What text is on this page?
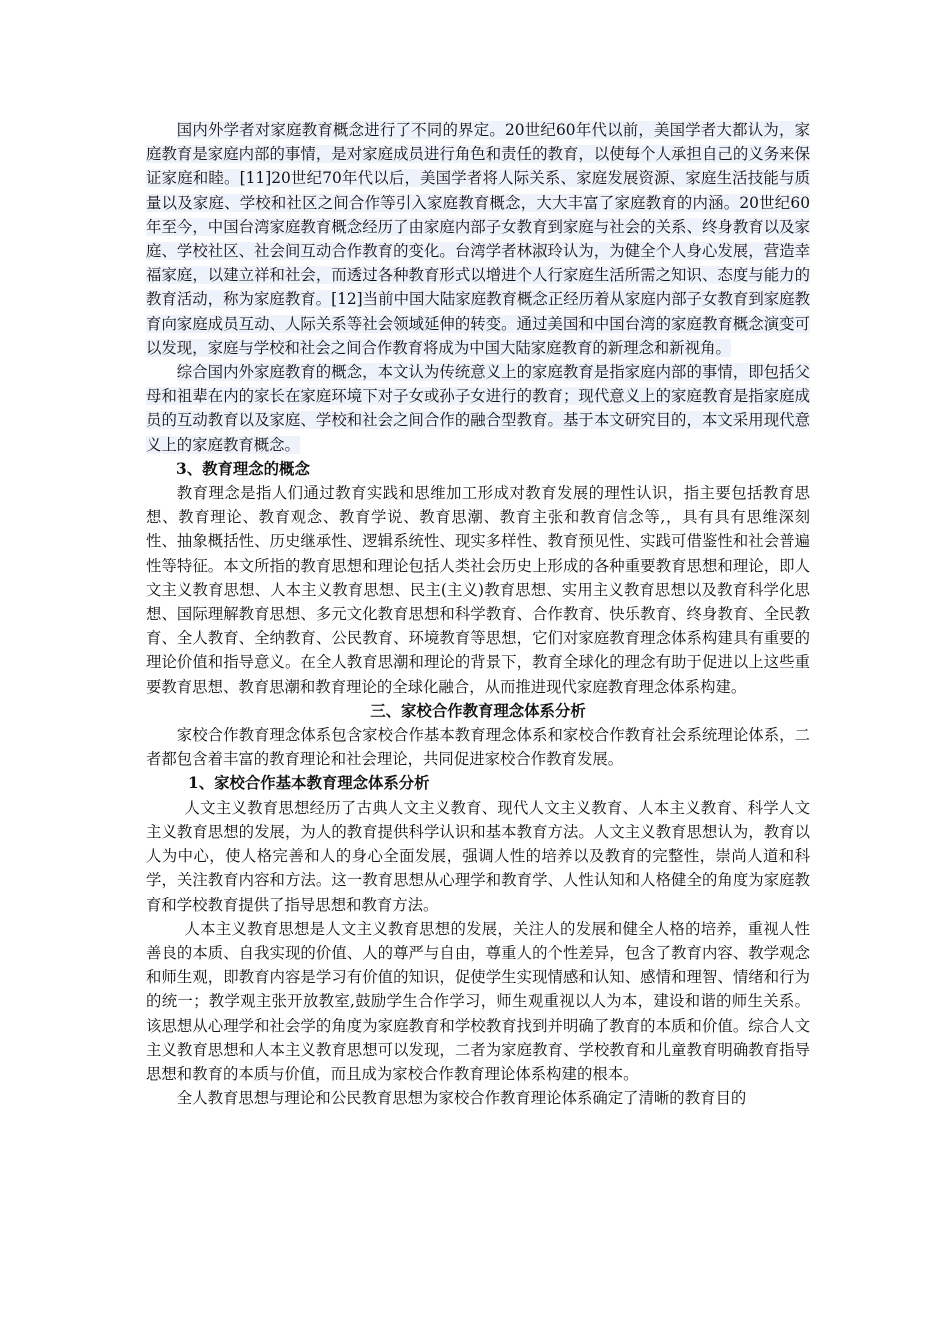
国内外学者对家庭教育概念进行了不同的界定。20世纪60年代以前，美国学者大都认为，家庭教育是家庭内部的事情，是对家庭成员进行角色和责任的教育，以使每个人承担自己的义务来保证家庭和睦。[11]20世纪70年代以后，美国学者将人际关系、家庭发展资源、家庭生活技能与质量以及家庭、学校和社区之间合作等引入家庭教育概念，大大丰富了家庭教育的内涵。20世纪60年至今，中国台湾家庭教育概念经历了由家庭内部子女教育到家庭与社会的关系、终身教育以及家庭、学校社区、社会间互动合作教育的变化。台湾学者林淑玲认为，为健全个人身心发展，营造幸福家庭，以建立祥和社会，而透过各种教育形式以增进个人行家庭生活所需之知识、态度与能力的教育活动，称为家庭教育。[12]当前中国大陆家庭教育概念正经历着从家庭内部子女教育到家庭教育向家庭成员互动、人际关系等社会领域延伸的转变。通过美国和中国台湾的家庭教育概念演变可以发现，家庭与学校和社会之间合作教育将成为中国大陆家庭教育的新理念和新视角。

综合国内外家庭教育的概念，本文认为传统意义上的家庭教育是指家庭内部的事情，即包括父母和祖辈在内的家长在家庭环境下对子女或孙子女进行的教育；现代意义上的家庭教育是指家庭成员的互动教育以及家庭、学校和社会之间合作的融合型教育。基于本文研究目的，本文采用现代意义上的家庭教育概念。

3、教育理念的概念

教育理念是指人们通过教育实践和思维加工形成对教育发展的理性认识，指主要包括教育思想、教育理论、教育观念、教育学说、教育思潮、教育主张和教育信念等,，具有具有思维深刻性、抽象概括性、历史继承性、逻辑系统性、现实多样性、教育预见性、实践可借鉴性和社会普遍性等特征。本文所指的教育思想和理论包括人类社会历史上形成的各种重要教育思想和理论，即人文主义教育思想、人本主义教育思想、民主(主义)教育思想、实用主义教育思想以及教育科学化思想、国际理解教育思想、多元文化教育思想和科学教育、合作教育、快乐教育、终身教育、全民教育、全人教育、全纳教育、公民教育、环境教育等思想，它们对家庭教育理念体系构建具有重要的理论价值和指导意义。在全人教育思潮和理论的背景下，教育全球化的理念有助于促进以上这些重要教育思想、教育思潮和教育理论的全球化融合，从而推进现代家庭教育理念体系构建。

三、家校合作教育理念体系分析

家校合作教育理念体系包含家校合作基本教育理念体系和家校合作教育社会系统理论体系，二者都包含着丰富的教育理论和社会理论，共同促进家校合作教育发展。

1、家校合作基本教育理念体系分析

人文主义教育思想经历了古典人文主义教育、现代人文主义教育、人本主义教育、科学人文主义教育思想的发展，为人的教育提供科学认识和基本教育方法。人文主义教育思想认为，教育以人为中心，使人格完善和人的身心全面发展，强调人性的培养以及教育的完整性，崇尚人道和科学，关注教育内容和方法。这一教育思想从心理学和教育学、人性认知和人格健全的角度为家庭教育和学校教育提供了指导思想和教育方法。

人本主义教育思想是人文主义教育思想的发展，关注人的发展和健全人格的培养，重视人性善良的本质、自我实现的价值、人的尊严与自由，尊重人的个性差异，包含了教育内容、教学观念和师生观，即教育内容是学习有价值的知识，促使学生实现情感和认知、感情和理智、情绪和行为的统一；教学观主张开放教室,鼓励学生合作学习，师生观重视以人为本，建设和谐的师生关系。该思想从心理学和社会学的角度为家庭教育和学校教育找到并明确了教育的本质和价值。综合人文主义教育思想和人本主义教育思想可以发现，二者为家庭教育、学校教育和儿童教育明确教育指导思想和教育的本质与价值，而且成为家校合作教育理论体系构建的根本。

全人教育思想与理论和公民教育思想为家校合作教育理论体系确定了清晰的教育目的
